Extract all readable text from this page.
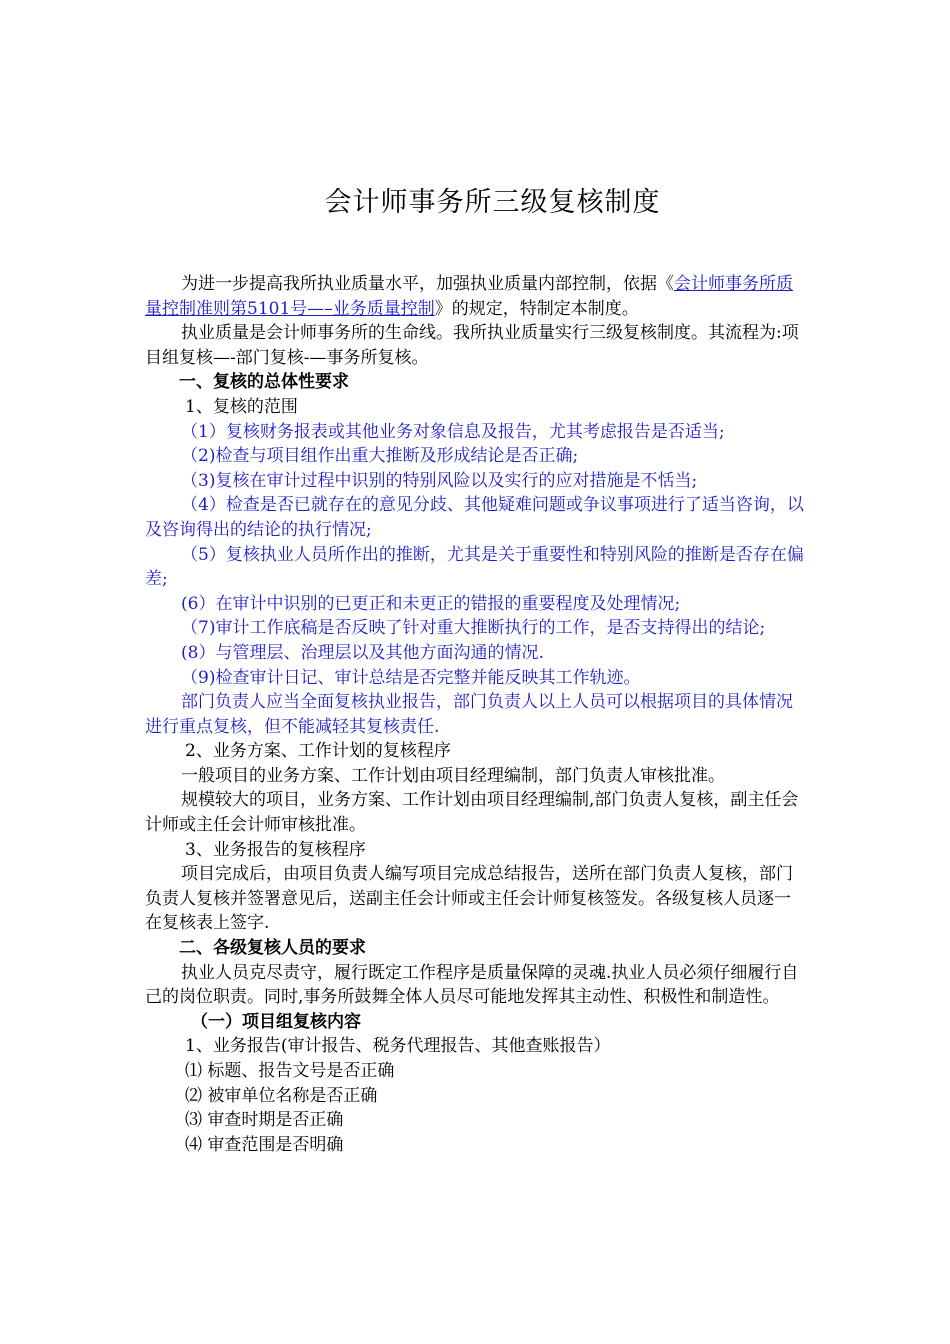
会计师事务所三级复核制度

为进一步提高我所执业质量水平，加强执业质量内部控制，依据《会计师事务所质量控制准则第5101号—–业务质量控制》的规定，特制定本制度。

执业质量是会计师事务所的生命线。我所执业质量实行三级复核制度。其流程为:项目组复核—-部门复核-—事务所复核。

一、复核的总体性要求

1、复核的范围

（1）复核财务报表或其他业务对象信息及报告，尤其考虑报告是否适当;

（2)检查与项目组作出重大推断及形成结论是否正确;

（3)复核在审计过程中识别的特别风险以及实行的应对措施是不恬当;

（4）检查是否已就存在的意见分歧、其他疑难问题或争议事项进行了适当咨询，以及咨询得出的结论的执行情况;

（5）复核执业人员所作出的推断，尤其是关于重要性和特别风险的推断是否存在偏差;

(6）在审计中识别的已更正和未更正的错报的重要程度及处理情况;

（7)审计工作底稿是否反映了针对重大推断执行的工作，是否支持得出的结论;

(8）与管理层、治理层以及其他方面沟通的情况.

（9)检查审计日记、审计总结是否完整并能反映其工作轨迹。

部门负责人应当全面复核执业报告，部门负责人以上人员可以根据项目的具体情况进行重点复核，但不能减轻其复核责任.

2、业务方案、工作计划的复核程序

一般项目的业务方案、工作计划由项目经理编制，部门负责人审核批准。

规模较大的项目，业务方案、工作计划由项目经理编制,部门负责人复核，副主任会计师或主任会计师审核批准。

3、业务报告的复核程序

项目完成后，由项目负责人编写项目完成总结报告，送所在部门负责人复核，部门负责人复核并签署意见后，送副主任会计师或主任会计师复核签发。各级复核人员逐一在复核表上签字.

二、各级复核人员的要求

执业人员克尽责守，履行既定工作程序是质量保障的灵魂.执业人员必须仔细履行自己的岗位职责。同时,事务所鼓舞全体人员尽可能地发挥其主动性、积极性和制造性。

（一）项目组复核内容

1、业务报告(审计报告、税务代理报告、其他查账报告）

⑴ 标题、报告文号是否正确

⑵ 被审单位名称是否正确

⑶ 审查时期是否正确

⑷ 审查范围是否明确
